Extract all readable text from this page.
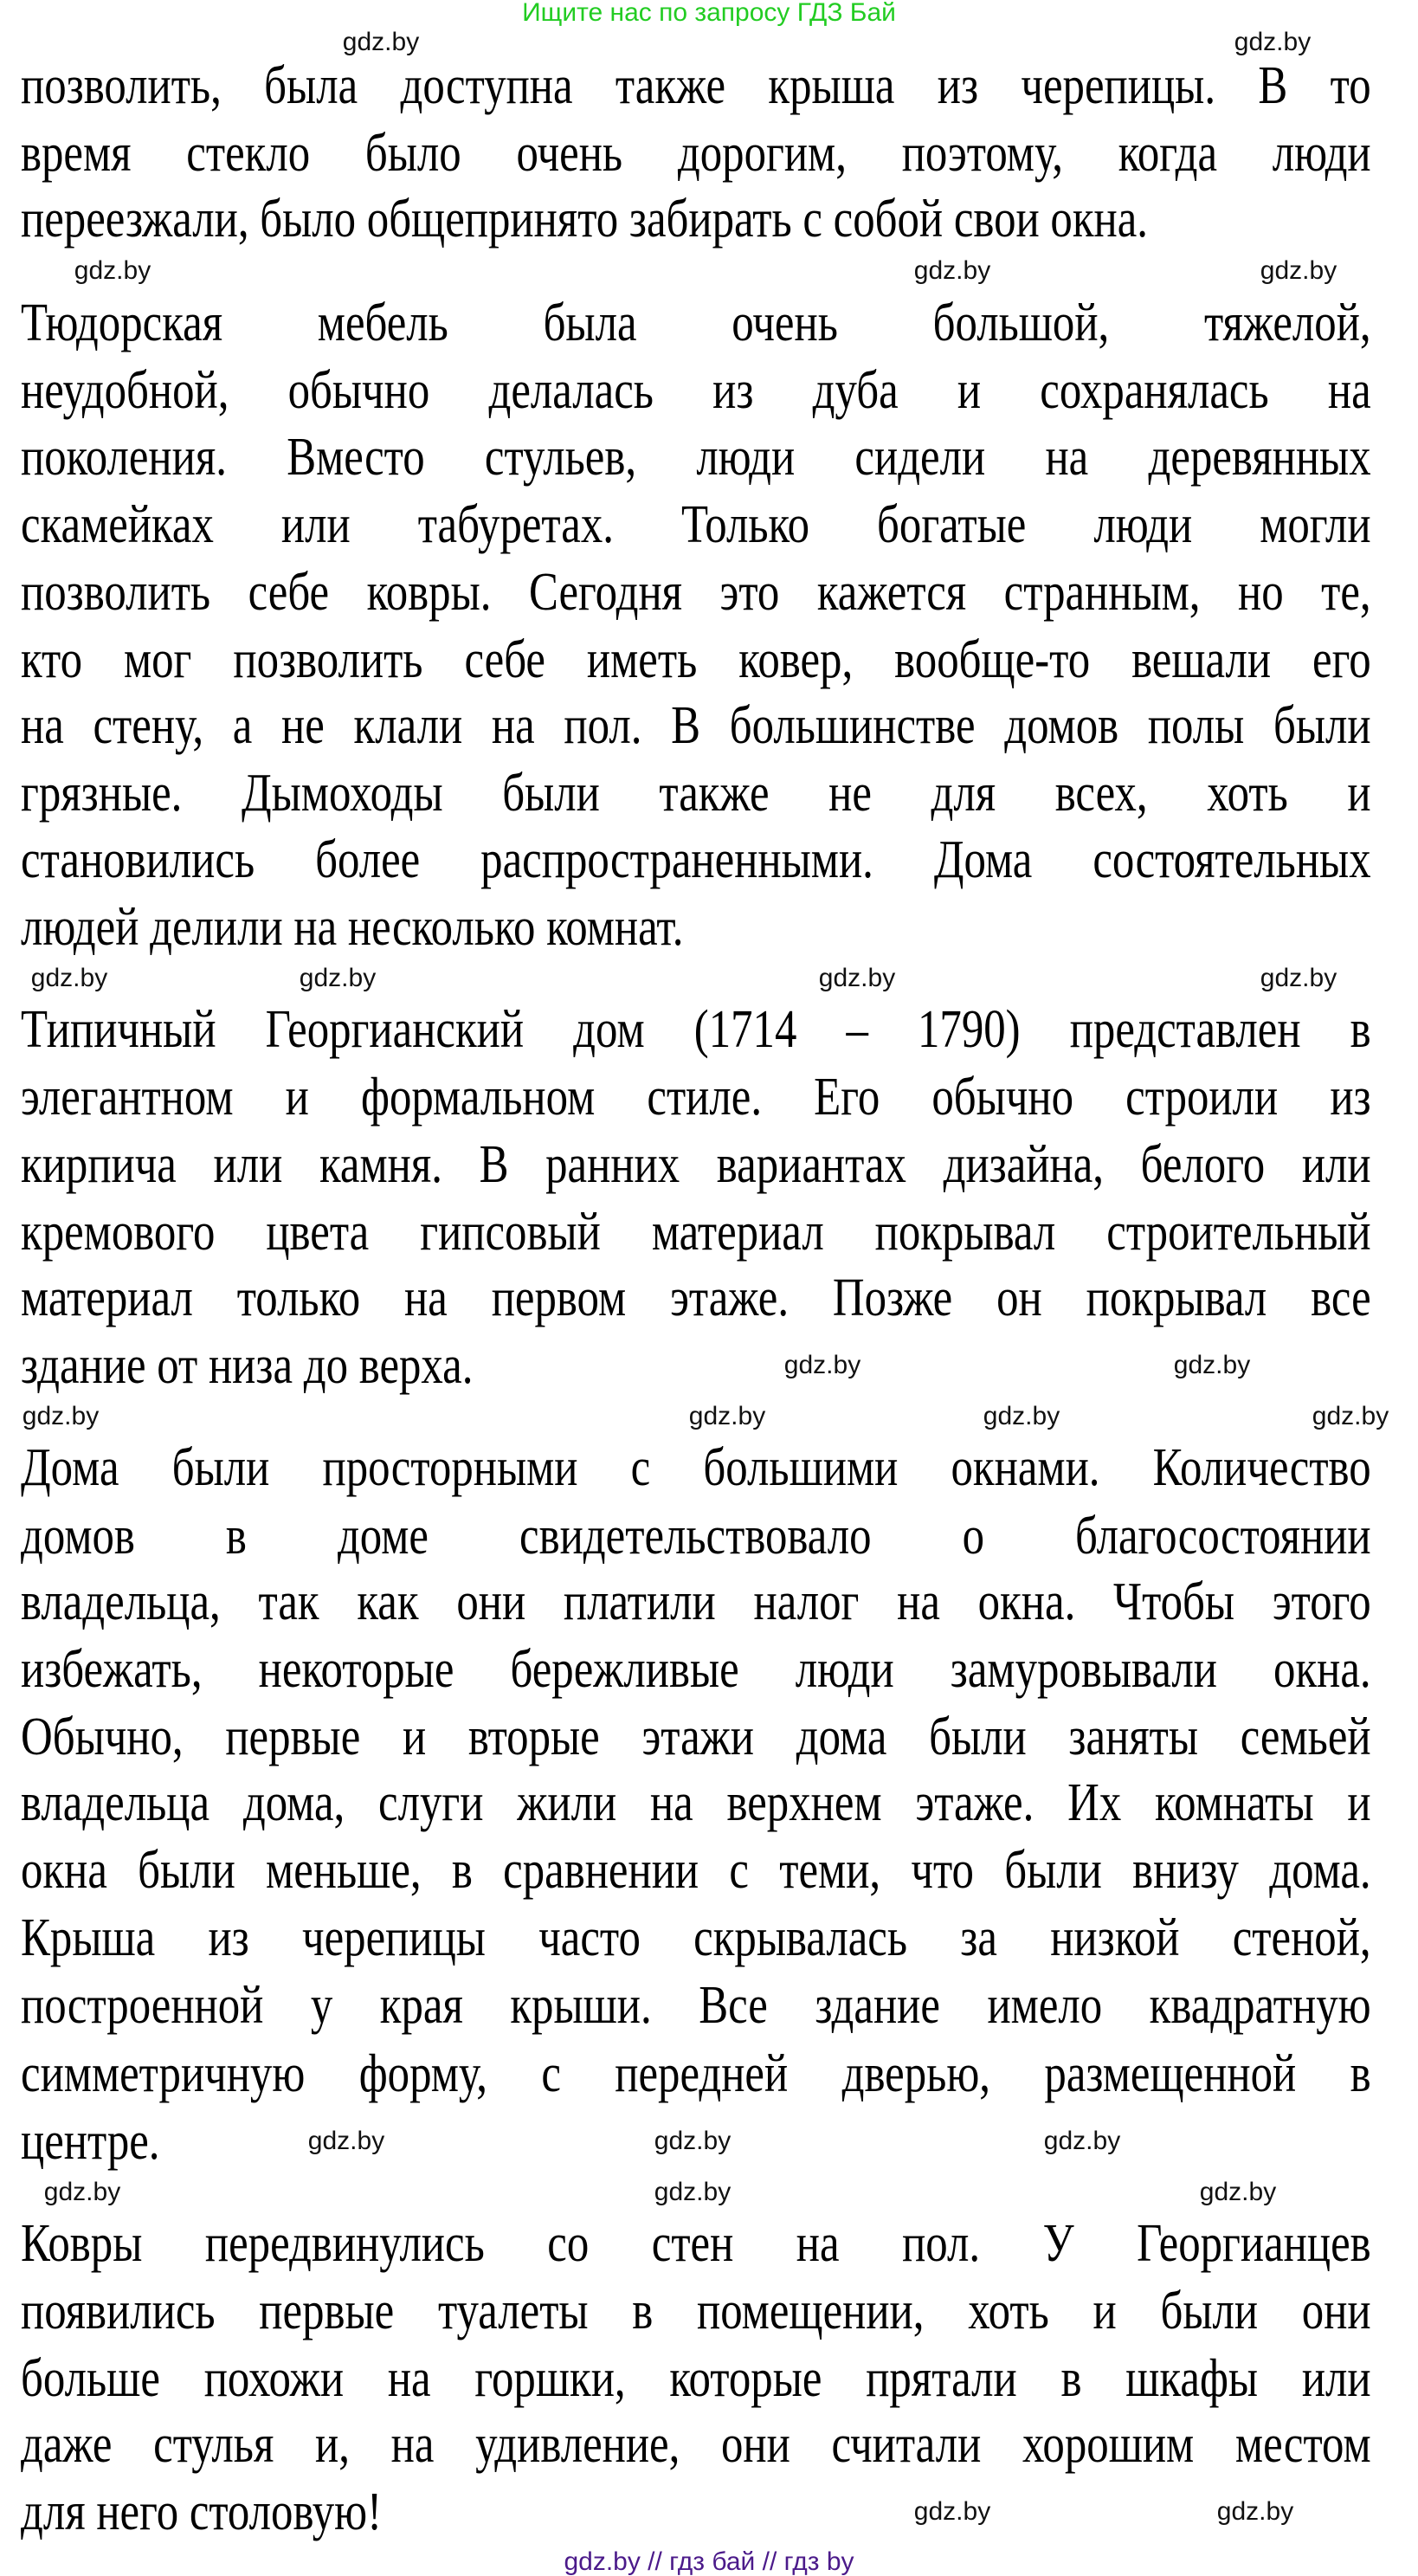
Ищите нас по запросу ГДЗ Бай
позволить, была доступна также крыша из черепицы. В то
время стекло было очень дорогим, поэтому, когда люди
переезжали, было общепринято забирать с собой свои окна.
Тюдорская мебель была очень большой, тяжелой,
неудобной, обычно делалась из дуба и сохранялась на
поколения. Вместо стульев, люди сидели на деревянных
скамейках или табуретах. Только богатые люди могли
позволить себе ковры. Сегодня это кажется странным, но те,
кто мог позволить себе иметь ковер, вообще-то вешали его
на стену, а не клали на пол. В большинстве домов полы были
грязные. Дымоходы были также не для всех, хоть и
становились более распространенными. Дома состоятельных
людей делили на несколько комнат.
Типичный Георгианский дом (1714 – 1790) представлен в
элегантном и формальном стиле. Его обычно строили из
кирпича или камня. В ранних вариантах дизайна, белого или
кремового цвета гипсовый материал покрывал строительный
материал только на первом этаже. Позже он покрывал все
здание от низа до верха.
Дома были просторными с большими окнами. Количество
домов в доме свидетельствовало о благосостоянии
владельца, так как они платили налог на окна. Чтобы этого
избежать, некоторые бережливые люди замуровывали окна.
Обычно, первые и вторые этажи дома были заняты семьей
владельца дома, слуги жили на верхнем этаже. Их комнаты и
окна были меньше, в сравнении с теми, что были внизу дома.
Крыша из черепицы часто скрывалась за низкой стеной,
построенной у края крыши. Все здание имело квадратную
симметричную форму, с передней дверью, размещенной в
центре.
Ковры передвинулись со стен на пол. У Георгианцев
появились первые туалеты в помещении, хоть и были они
больше похожи на горшки, которые прятали в шкафы или
даже стулья и, на удивление, они считали хорошим местом
для него столовую!
gdz.by	gdz.by
gdz.by	gdz.by	gdz.by
gdz.by	gdz.by	gdz.by	gdz.by
gdz.by	gdz.by	gdz.by	gdz.by
gdz.by	gdz.by	gdz.by
gdz.by	gdz.by	gdz.by
gdz.by	gdz.by
gdz.by	gdz.by
gdz.by // гдз бай // гдз by
